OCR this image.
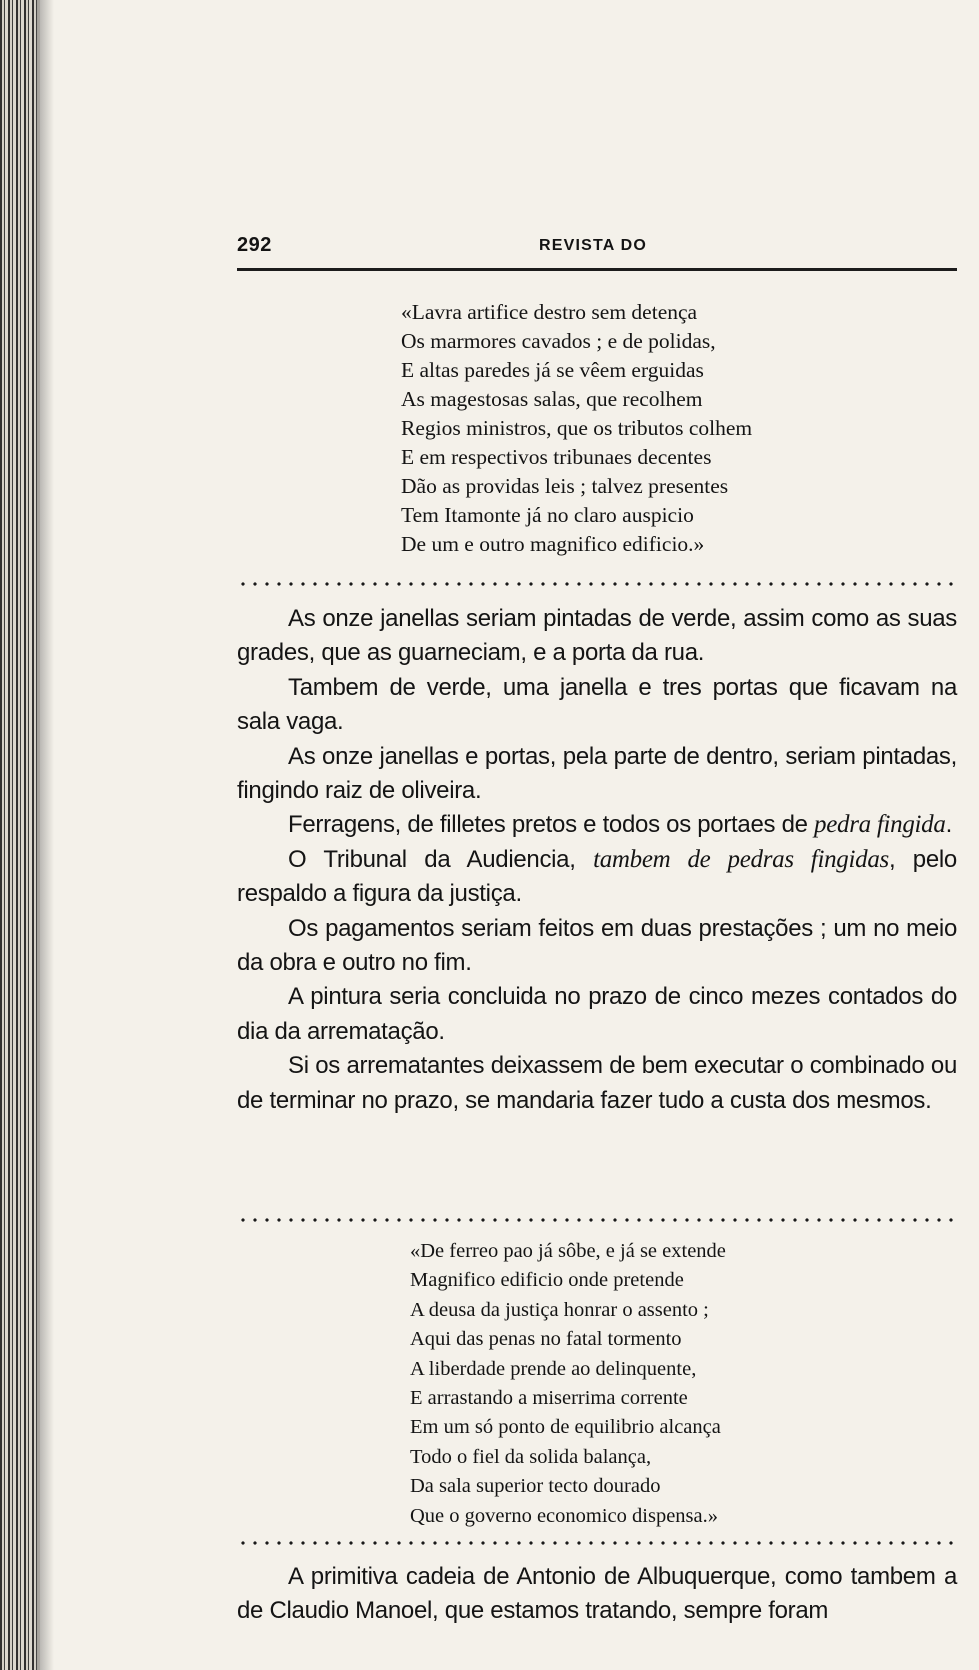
292	REVISTA DO
«Lavra artifice destro sem detença
Os marmores cavados ; e de polidas,
E altas paredes já se vêem erguidas
As magestosas salas, que recolhem
Regios ministros, que os tributos colhem
E em respectivos tribunaes decentes
Dão as providas leis ; talvez presentes
Tem Itamonte já no claro auspicio
De um e outro magnifico edificio.»

As onze janellas seriam pintadas de verde, assim como as suas grades, que as guarneciam, e a porta da rua.

Tambem de verde, uma janella e tres portas que ficavam na sala vaga.

As onze janellas e portas, pela parte de dentro, seriam pintadas, fingindo raiz de oliveira.

Ferragens, de filletes pretos e todos os portaes de pedra fingida.

O Tribunal da Audiencia, tambem de pedras fingidas, pelo respaldo a figura da justiça.

Os pagamentos seriam feitos em duas prestações ; um no meio da obra e outro no fim.

A pintura seria concluida no prazo de cinco mezes contados do dia da arrematação.

Si os arrematantes deixassem de bem executar o combinado ou de terminar no prazo, se mandaria fazer tudo a custa dos mesmos.

«De ferreo pao já sôbe, e já se extende
Magnifico edificio onde pretende
A deusa da justiça honrar o assento ;
Aqui das penas no fatal tormento
A liberdade prende ao delinquente,
E arrastando a miserrima corrente
Em um só ponto de equilibrio alcança
Todo o fiel da solida balança,
Da sala superior tecto dourado
Que o governo economico dispensa.»

A primitiva cadeia de Antonio de Albuquerque, como tambem a de Claudio Manoel, que estamos tratando, sempre foram
